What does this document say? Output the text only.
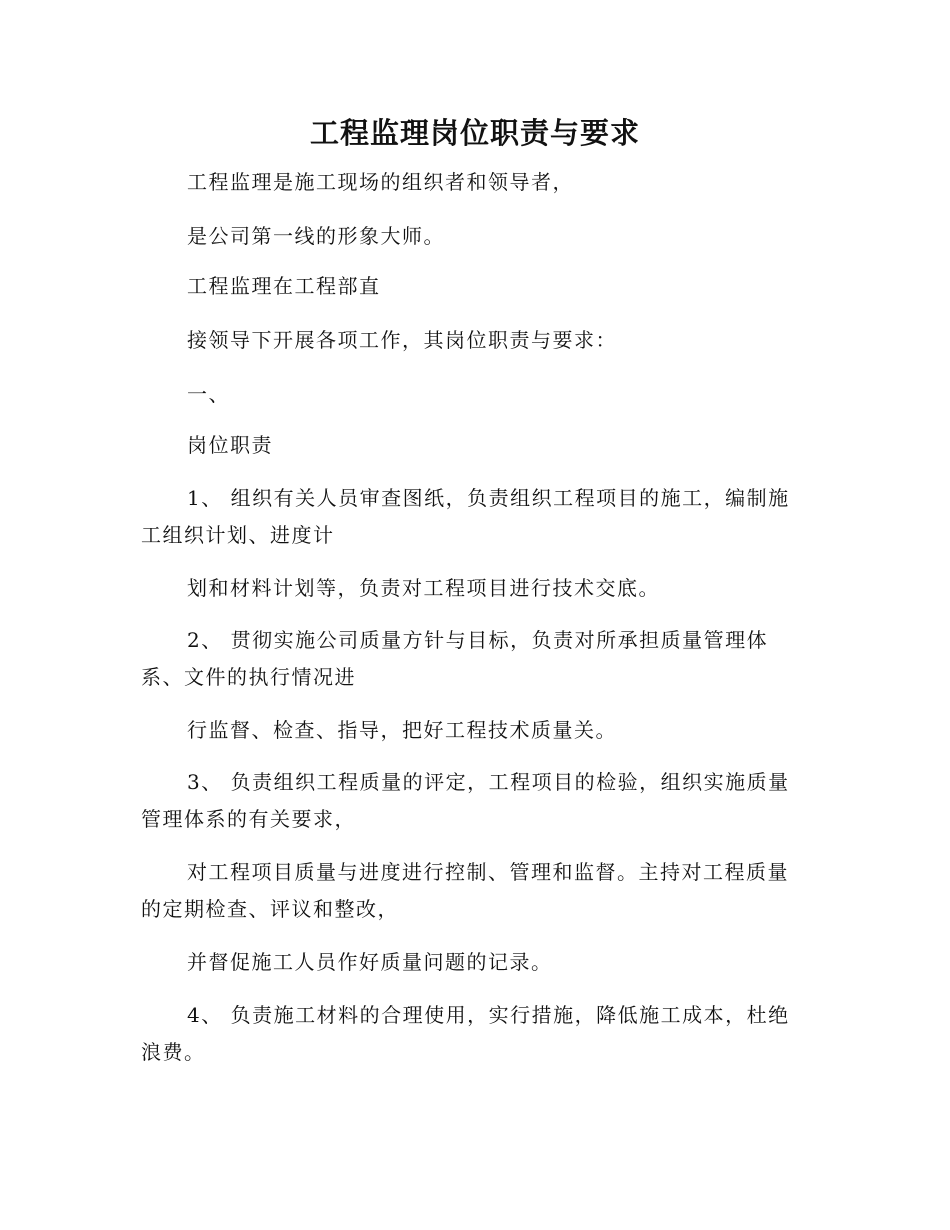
工程监理岗位职责与要求

工程监理是施工现场的组织者和领导者，

是公司第一线的形象大师。

工程监理在工程部直

接领导下开展各项工作，其岗位职责与要求：

一、

岗位职责

1、 组织有关人员审查图纸，负责组织工程项目的施工，编制施工组织计划、进度计

划和材料计划等，负责对工程项目进行技术交底。

2、 贯彻实施公司质量方针与目标，负责对所承担质量管理体系、文件的执行情况进

行监督、检查、指导，把好工程技术质量关。

3、 负责组织工程质量的评定，工程项目的检验，组织实施质量管理体系的有关要求，

对工程项目质量与进度进行控制、管理和监督。主持对工程质量的定期检查、评议和整改，

并督促施工人员作好质量问题的记录。

4、 负责施工材料的合理使用，实行措施，降低施工成本，杜绝浪费。
